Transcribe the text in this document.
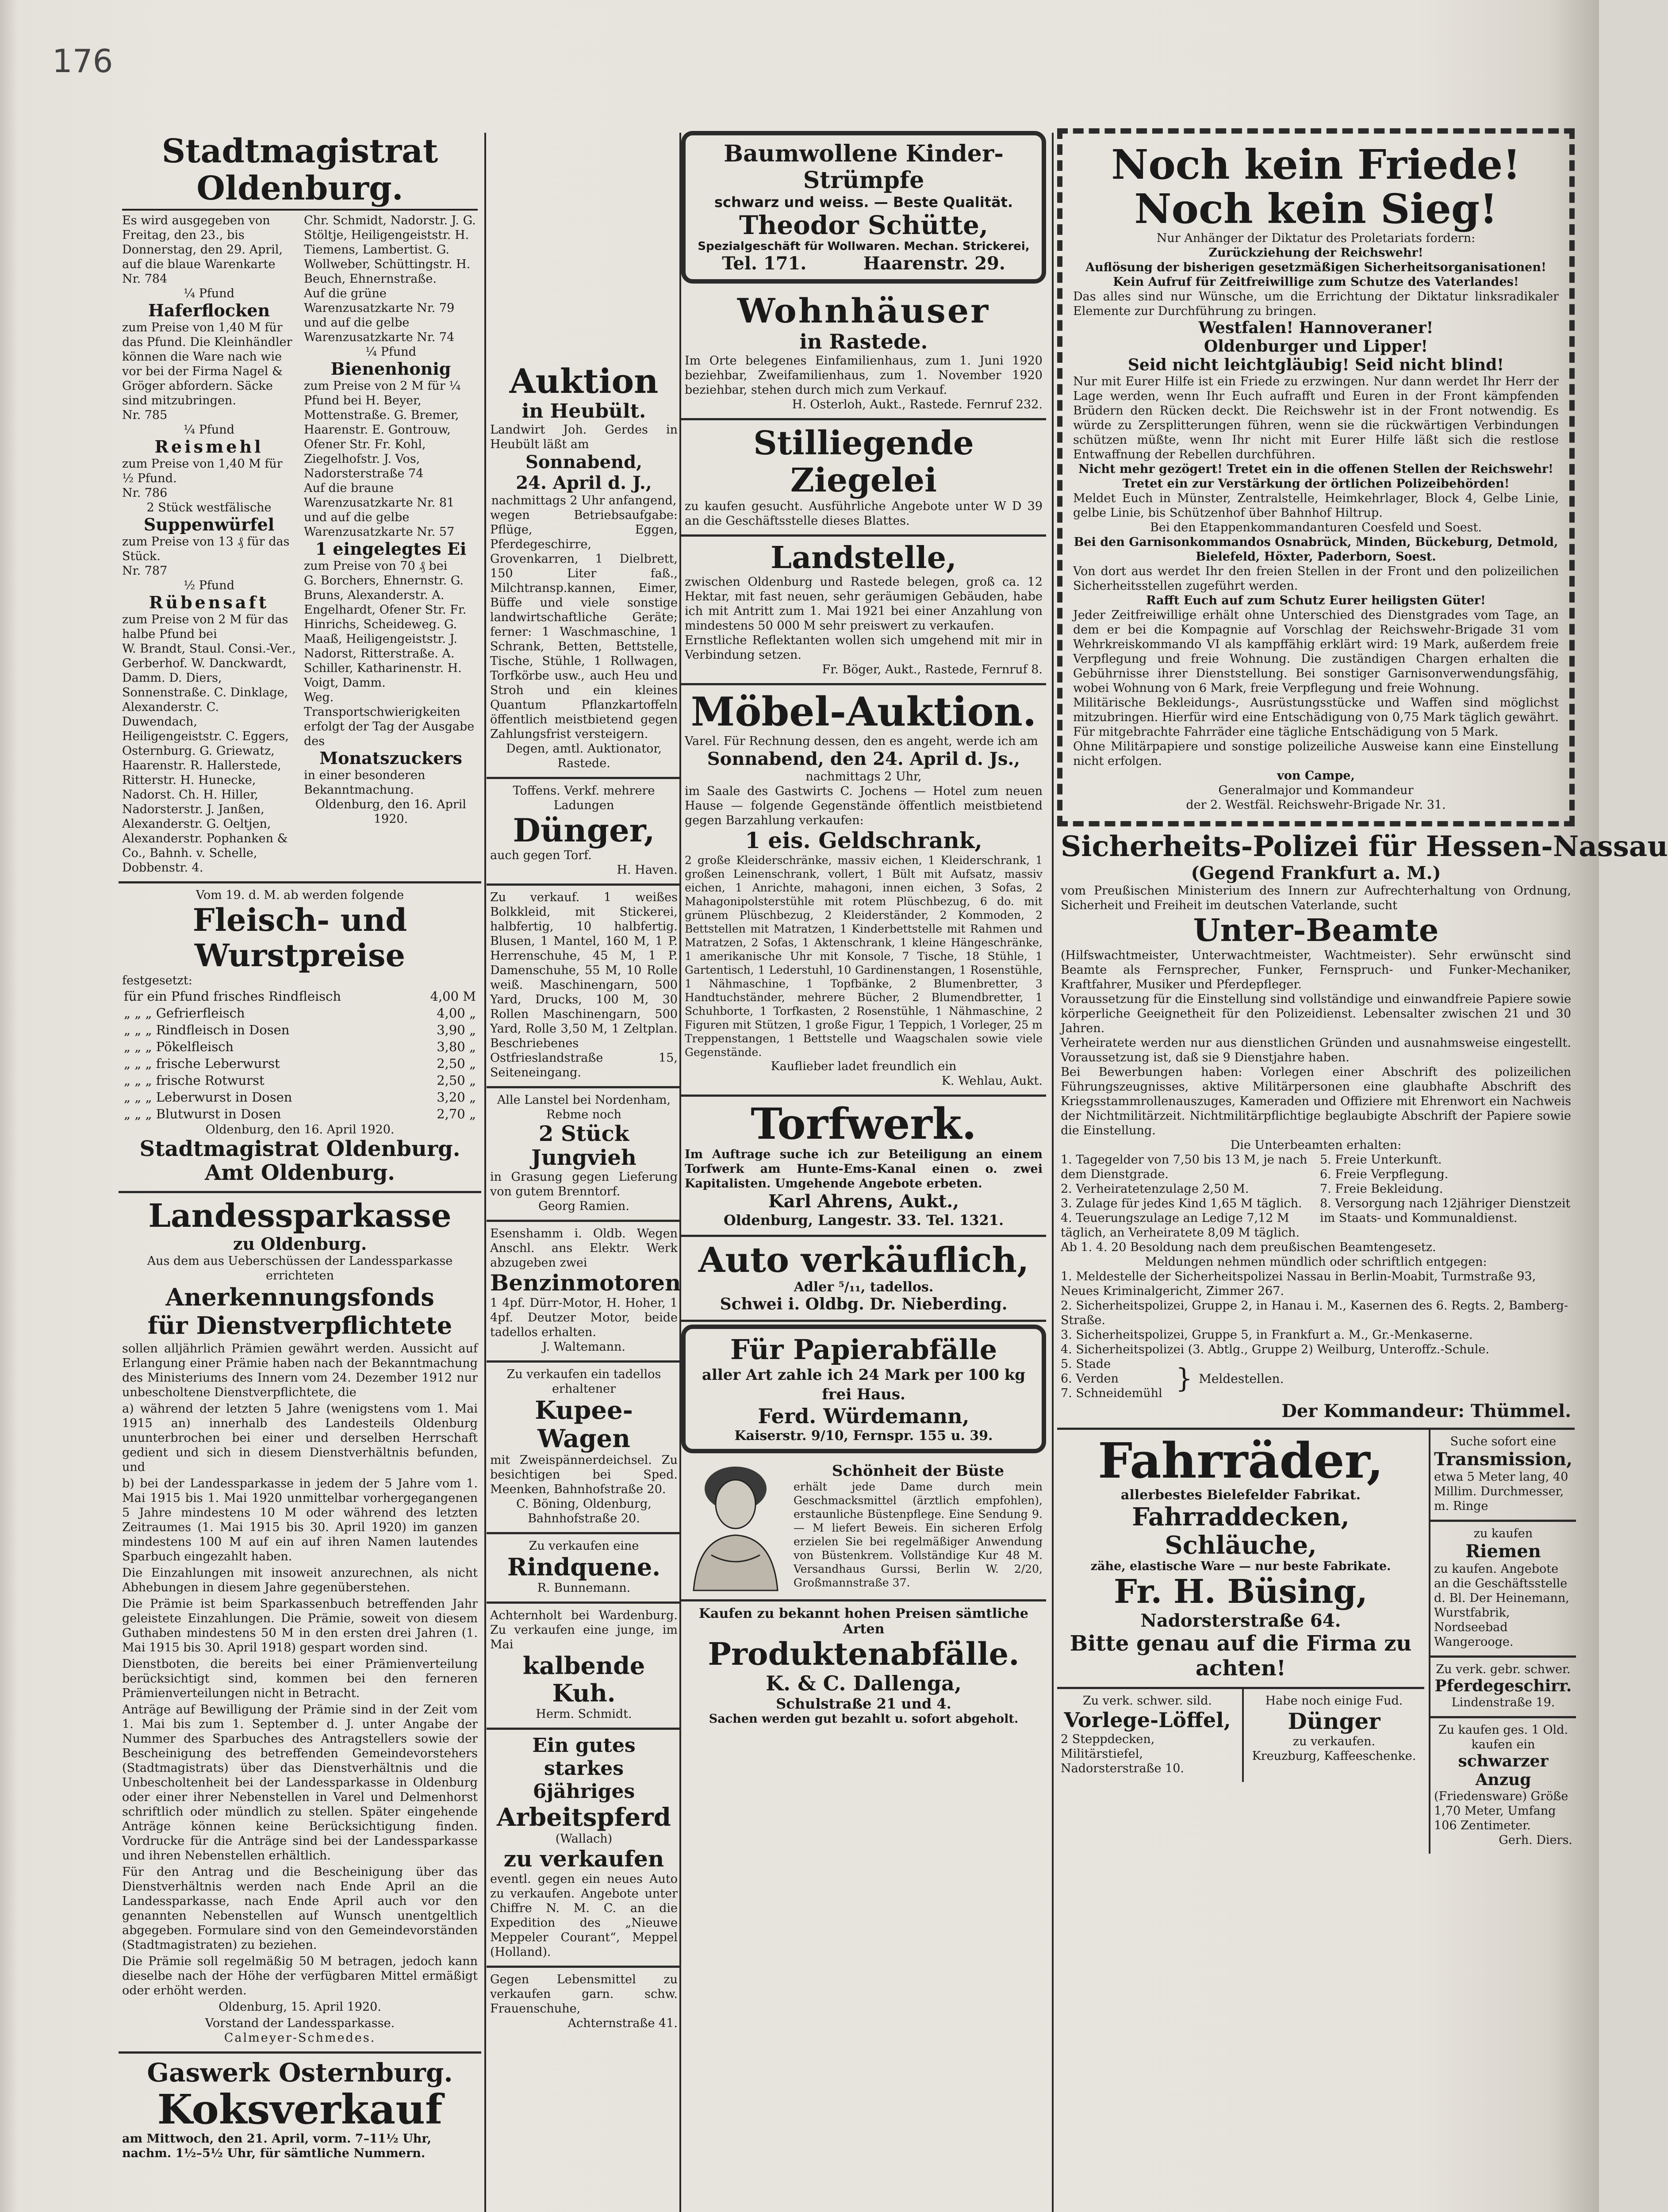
176
Stadtmagistrat Oldenburg.
Es wird ausgegeben von Freitag, den 23., bis Donnerstag, den 29. April, auf die blaue Warenkarte Nr. 784
¼ Pfund
Haferflocken
zum Preise von 1,40 M für das Pfund. Die Kleinhändler können die Ware nach wie vor bei der Firma Nagel & Gröger abfordern. Säcke sind mitzubringen.
Nr. 785
¼ Pfund
Reismehl
zum Preise von 1,40 M für ½ Pfund.
Nr. 786
2 Stück westfälische
Suppenwürfel
zum Preise von 13 ₰ für das Stück.
Nr. 787
½ Pfund
Rübensaft
zum Preise von 2 M für das halbe Pfund bei
W. Brandt, Staul. Consi.-Ver., Gerberhof. W. Danckwardt, Damm. D. Diers, Sonnenstraße. C. Dinklage, Alexanderstr. C. Duwendach, Heiligengeiststr. C. Eggers, Osternburg. G. Griewatz, Haarenstr. R. Hallerstede, Ritterstr. H. Hunecke, Nadorst. Ch. H. Hiller, Nadorsterstr. J. Janßen, Alexanderstr. G. Oeltjen, Alexanderstr. Pophanken & Co., Bahnh. v. Schelle, Dobbenstr. 4.
Chr. Schmidt, Nadorstr. J. G. Stöltje, Heiligengeiststr. H. Tiemens, Lambertist. G. Wollweber, Schüttingstr. H. Beuch, Ehnernstraße.
Auf die grüne Warenzusatzkarte Nr. 79 und auf die gelbe Warenzusatzkarte Nr. 74
¼ Pfund
Bienenhonig
zum Preise von 2 M für ¼ Pfund bei H. Beyer, Mottenstraße. G. Bremer, Haarenstr. E. Gontrouw, Ofener Str. Fr. Kohl, Ziegelhofstr. J. Vos, Nadorsterstraße 74
Auf die braune Warenzusatzkarte Nr. 81 und auf die gelbe Warenzusatzkarte Nr. 57
1 eingelegtes Ei
zum Preise von 70 ₰ bei
G. Borchers, Ehnernstr. G. Bruns, Alexanderstr. A. Engelhardt, Ofener Str. Fr. Hinrichs, Scheideweg. G. Maaß, Heiligengeiststr. J. Nadorst, Ritterstraße. A. Schiller, Katharinenstr. H. Voigt, Damm.
Weg. Transportschwierigkeiten erfolgt der Tag der Ausgabe des
Monatszuckers
in einer besonderen Bekanntmachung.
Oldenburg, den 16. April 1920.
Vom 19. d. M. ab werden folgende
Fleisch- und Wurstpreise
festgesetzt:
für ein Pfund frisches Rindfleisch	4,00 M
„ „ „ Gefrierfleisch	4,00 „
„ „ „ Rindfleisch in Dosen	3,90 „
„ „ „ Pökelfleisch	3,80 „
„ „ „ frische Leberwurst	2,50 „
„ „ „ frische Rotwurst	2,50 „
„ „ „ Leberwurst in Dosen	3,20 „
„ „ „ Blutwurst in Dosen	2,70 „
Oldenburg, den 16. April 1920.
Stadtmagistrat Oldenburg.
Amt Oldenburg.
Landessparkasse
zu Oldenburg.
Aus dem aus Ueberschüssen der Landessparkasse errichteten
Anerkennungsfonds
für Dienstverpflichtete

sollen alljährlich Prämien gewährt werden. Aussicht auf Erlangung einer Prämie haben nach der Bekanntmachung des Ministeriums des Innern vom 24. Dezember 1912 nur unbescholtene Dienstverpflichtete, die

a) während der letzten 5 Jahre (wenigstens vom 1. Mai 1915 an) innerhalb des Landesteils Oldenburg ununterbrochen bei einer und derselben Herrschaft gedient und sich in diesem Dienstverhältnis befunden, und

b) bei der Landessparkasse in jedem der 5 Jahre vom 1. Mai 1915 bis 1. Mai 1920 unmittelbar vorhergegangenen 5 Jahre mindestens 10 M oder während des letzten Zeitraumes (1. Mai 1915 bis 30. April 1920) im ganzen mindestens 100 M auf ein auf ihren Namen lautendes Sparbuch eingezahlt haben.

Die Einzahlungen mit insoweit anzurechnen, als nicht Abhebungen in diesem Jahre gegenüberstehen.

Die Prämie ist beim Sparkassenbuch betreffenden Jahr geleistete Einzahlungen. Die Prämie, soweit von diesem Guthaben mindestens 50 M in den ersten drei Jahren (1. Mai 1915 bis 30. April 1918) gespart worden sind.

Dienstboten, die bereits bei einer Prämienverteilung berücksichtigt sind, kommen bei den ferneren Prämienverteilungen nicht in Betracht.

Anträge auf Bewilligung der Prämie sind in der Zeit vom 1. Mai bis zum 1. September d. J. unter Angabe der Nummer des Sparbuches des Antragstellers sowie der Bescheinigung des betreffenden Gemeindevorstehers (Stadtmagistrats) über das Dienstverhältnis und die Unbescholtenheit bei der Landessparkasse in Oldenburg oder einer ihrer Nebenstellen in Varel und Delmenhorst schriftlich oder mündlich zu stellen. Später eingehende Anträge können keine Berücksichtigung finden. Vordrucke für die Anträge sind bei der Landessparkasse und ihren Nebenstellen erhältlich.

Für den Antrag und die Bescheinigung über das Dienstverhältnis werden nach Ende April an die Landessparkasse, nach Ende April auch vor den genannten Nebenstellen auf Wunsch unentgeltlich abgegeben. Formulare sind von den Gemeindevorständen (Stadtmagistraten) zu beziehen.

Die Prämie soll regelmäßig 50 M betragen, jedoch kann dieselbe nach der Höhe der verfügbaren Mittel ermäßigt oder erhöht werden.

Oldenburg, 15. April 1920.

Vorstand der Landessparkasse.
Calmeyer-Schmedes.
Gaswerk Osternburg.
Koksverkauf
am Mittwoch, den 21. April, vorm. 7–11½ Uhr, nachm. 1½–5½ Uhr, für sämtliche Nummern.
Auktion
in Heubült.
Landwirt Joh. Gerdes in Heubült läßt am
Sonnabend,
24. April d. J.,
nachmittags 2 Uhr anfangend,
wegen Betriebsaufgabe: Pflüge, Eggen, Pferdegeschirre, Grovenkarren, 1 Dielbrett, 150 Liter faß., Milchtransp.kannen, Eimer, Büffe und viele sonstige landwirtschaftliche Geräte; ferner: 1 Waschmaschine, 1 Schrank, Betten, Bettstelle, Tische, Stühle, 1 Rollwagen, Torfkörbe usw., auch Heu und Stroh und ein kleines Quantum Pflanzkartoffeln öffentlich meistbietend gegen Zahlungsfrist versteigern.
Degen, amtl. Auktionator, Rastede.
Toffens. Verkf. mehrere Ladungen
Dünger,
auch gegen Torf.
H. Haven.
Zu verkauf. 1 weißes Bolkkleid, mit Stickerei, halbfertig, 10 halbfertig. Blusen, 1 Mantel, 160 M, 1 P. Herrenschuhe, 45 M, 1 P. Damenschuhe, 55 M, 10 Rolle weiß. Maschinengarn, 500 Yard, Drucks, 100 M, 30 Rollen Maschinengarn, 500 Yard, Rolle 3,50 M, 1 Zeltplan. Beschriebenes Ostfrieslandstraße 15, Seiteneingang.
Alle Lanstel bei Nordenham, Rebme noch
2 Stück Jungvieh
in Grasung gegen Lieferung von gutem Brenntorf.
Georg Ramien.
Esenshamm i. Oldb. Wegen Anschl. ans Elektr. Werk abzugeben zwei
Benzinmotoren
1 4pf. Dürr-Motor, H. Hoher, 1 4pf. Deutzer Motor, beide tadellos erhalten.
J. Waltemann.
Zu verkaufen ein tadellos erhaltener
Kupee-Wagen
mit Zweispännerdeichsel. Zu besichtigen bei Sped. Meenken, Bahnhofstraße 20.
C. Böning, Oldenburg, Bahnhofstraße 20.
Zu verkaufen eine
Rindquene.
R. Bunnemann.
Achternholt bei Wardenburg. Zu verkaufen eine junge, im Mai
kalbende Kuh.
Herm. Schmidt.
Ein gutes starkes
6jähriges
Arbeitspferd
(Wallach)
zu verkaufen
eventl. gegen ein neues Auto zu verkaufen. Angebote unter Chiffre N. M. C. an die Expedition des „Nieuwe Meppeler Courant“, Meppel (Holland).
Gegen Lebensmittel zu verkaufen garn. schw. Frauenschuhe,
Achternstraße 41.
Baumwollene Kinder-Strümpfe
schwarz und weiss. — Beste Qualität.
Theodor Schütte,
Spezialgeschäft für Wollwaren. Mechan. Strickerei,
Tel. 171.	Haarenstr. 29.
Wohnhäuser
in Rastede.
Im Orte belegenes Einfamilienhaus, zum 1. Juni 1920 beziehbar, Zweifamilienhaus, zum 1. November 1920 beziehbar, stehen durch mich zum Verkauf.
H. Osterloh, Aukt., Rastede. Fernruf 232.
Stilliegende Ziegelei
zu kaufen gesucht. Ausführliche Angebote unter W D 39 an die Geschäftsstelle dieses Blattes.
Landstelle,
zwischen Oldenburg und Rastede belegen, groß ca. 12 Hektar, mit fast neuen, sehr geräumigen Gebäuden, habe ich mit Antritt zum 1. Mai 1921 bei einer Anzahlung von mindestens 50 000 M sehr preiswert zu verkaufen.
Ernstliche Reflektanten wollen sich umgehend mit mir in Verbindung setzen.
Fr. Böger, Aukt., Rastede, Fernruf 8.
Möbel-Auktion.
Varel. Für Rechnung dessen, den es angeht, werde ich am
Sonnabend, den 24. April d. Js.,
nachmittags 2 Uhr,
im Saale des Gastwirts C. Jochens — Hotel zum neuen Hause — folgende Gegenstände öffentlich meistbietend gegen Barzahlung verkaufen:
1 eis. Geldschrank,
2 große Kleiderschränke, massiv eichen, 1 Kleiderschrank, 1 großen Leinenschrank, vollert, 1 Bült mit Aufsatz, massiv eichen, 1 Anrichte, mahagoni, innen eichen, 3 Sofas, 2 Mahagonipolsterstühle mit rotem Plüschbezug, 6 do. mit grünem Plüschbezug, 2 Kleiderständer, 2 Kommoden, 2 Bettstellen mit Matratzen, 1 Kinderbettstelle mit Rahmen und Matratzen, 2 Sofas, 1 Aktenschrank, 1 kleine Hängeschränke, 1 amerikanische Uhr mit Konsole, 7 Tische, 18 Stühle, 1 Gartentisch, 1 Lederstuhl, 10 Gardinenstangen, 1 Rosenstühle, 1 Nähmaschine, 1 Topfbänke, 2 Blumenbretter, 3 Handtuchständer, mehrere Bücher, 2 Blumendbretter, 1 Schuhborte, 1 Torfkasten, 2 Rosenstühle, 1 Nähmaschine, 2 Figuren mit Stützen, 1 große Figur, 1 Teppich, 1 Vorleger, 25 m Treppenstangen, 1 Bettstelle und Waagschalen sowie viele Gegenstände.
Kauflieber ladet freundlich ein
K. Wehlau, Aukt.
Torfwerk.
Im Auftrage suche ich zur Beteiligung an einem Torfwerk am Hunte-Ems-Kanal einen o. zwei Kapitalisten. Umgehende Angebote erbeten.
Karl Ahrens, Aukt.,
Oldenburg, Langestr. 33. Tel. 1321.
Auto verkäuflich,
Adler ⁵/₁₁, tadellos.
Schwei i. Oldbg. Dr. Nieberding.
Für Papierabfälle
aller Art zahle ich 24 Mark per 100 kg frei Haus.
Ferd. Würdemann,
Kaiserstr. 9/10, Fernspr. 155 u. 39.
Schönheit der Büste
erhält jede Dame durch mein Geschmacksmittel (ärztlich empfohlen), erstaunliche Büstenpflege. Eine Sendung 9.— M liefert Beweis. Ein sicheren Erfolg erzielen Sie bei regelmäßiger Anwendung von Büstenkrem. Vollständige Kur 48 M. Versandhaus Gurssi, Berlin W. 2/20, Großmannstraße 37.
Kaufen zu bekannt hohen Preisen sämtliche Arten
Produktenabfälle.
K. & C. Dallenga,
Schulstraße 21 und 4.
Sachen werden gut bezahlt u. sofort abgeholt.
Noch kein Friede!
Noch kein Sieg!
Nur Anhänger der Diktatur des Proletariats fordern:
Zurückziehung der Reichswehr!
Auflösung der bisherigen gesetzmäßigen Sicherheitsorganisationen!
Kein Aufruf für Zeitfreiwillige zum Schutze des Vaterlandes!
Das alles sind nur Wünsche, um die Errichtung der Diktatur linksradikaler Elemente zur Durchführung zu bringen.
Westfalen! Hannoveraner!
Oldenburger und Lipper!
Seid nicht leichtgläubig! Seid nicht blind!
Nur mit Eurer Hilfe ist ein Friede zu erzwingen. Nur dann werdet Ihr Herr der Lage werden, wenn Ihr Euch aufrafft und Euren in der Front kämpfenden Brüdern den Rücken deckt. Die Reichswehr ist in der Front notwendig. Es würde zu Zersplitterungen führen, wenn sie die rückwärtigen Verbindungen schützen müßte, wenn Ihr nicht mit Eurer Hilfe läßt sich die restlose Entwaffnung der Rebellen durchführen.
Nicht mehr gezögert! Tretet ein in die offenen Stellen der Reichswehr! Tretet ein zur Verstärkung der örtlichen Polizeibehörden!
Meldet Euch in Münster, Zentralstelle, Heimkehrlager, Block 4, Gelbe Linie, gelbe Linie, bis Schützenhof über Bahnhof Hiltrup.
Bei den Etappenkommandanturen Coesfeld und Soest.
Bei den Garnisonkommandos Osnabrück, Minden, Bückeburg, Detmold, Bielefeld, Höxter, Paderborn, Soest.
Von dort aus werdet Ihr den freien Stellen in der Front und den polizeilichen Sicherheitsstellen zugeführt werden.
Rafft Euch auf zum Schutz Eurer heiligsten Güter!
Jeder Zeitfreiwillige erhält ohne Unterschied des Dienstgrades vom Tage, an dem er bei die Kompagnie auf Vorschlag der Reichswehr-Brigade 31 vom Wehrkreiskommando VI als kampffähig erklärt wird: 19 Mark, außerdem freie Verpflegung und freie Wohnung. Die zuständigen Chargen erhalten die Gebührnisse ihrer Dienststellung. Bei sonstiger Garnisonverwendungsfähig, wobei Wohnung von 6 Mark, freie Verpflegung und freie Wohnung.
Militärische Bekleidungs-, Ausrüstungsstücke und Waffen sind möglichst mitzubringen. Hierfür wird eine Entschädigung von 0,75 Mark täglich gewährt. Für mitgebrachte Fahrräder eine tägliche Entschädigung von 5 Mark.
Ohne Militärpapiere und sonstige polizeiliche Ausweise kann eine Einstellung nicht erfolgen.
von Campe,
Generalmajor und Kommandeur
der 2. Westfäl. Reichswehr-Brigade Nr. 31.
Sicherheits-Polizei für Hessen-Nassau
(Gegend Frankfurt a. M.)
vom Preußischen Ministerium des Innern zur Aufrechterhaltung von Ordnung, Sicherheit und Freiheit im deutschen Vaterlande, sucht
Unter-Beamte
(Hilfswachtmeister, Unterwachtmeister, Wachtmeister). Sehr erwünscht sind Beamte als Fernsprecher, Funker, Fernspruch- und Funker-Mechaniker, Kraftfahrer, Musiker und Pferdepfleger.
Voraussetzung für die Einstellung sind vollständige und einwandfreie Papiere sowie körperliche Geeignetheit für den Polizeidienst. Lebensalter zwischen 21 und 30 Jahren.
Verheiratete werden nur aus dienstlichen Gründen und ausnahmsweise eingestellt. Voraussetzung ist, daß sie 9 Dienstjahre haben.
Bei Bewerbungen haben: Vorlegen einer Abschrift des polizeilichen Führungszeugnisses, aktive Militärpersonen eine glaubhafte Abschrift des Kriegsstammrollenauszuges, Kameraden und Offiziere mit Ehrenwort ein Nachweis der Nichtmilitärzeit. Nichtmilitärpflichtige beglaubigte Abschrift der Papiere sowie die Einstellung.
Die Unterbeamten erhalten:
1. Tagegelder von 7,50 bis 13 M, je nach dem Dienstgrade.
2. Verheiratetenzulage 2,50 M.
3. Zulage für jedes Kind 1,65 M täglich.
4. Teuerungszulage an Ledige 7,12 M täglich, an Verheiratete 8,09 M täglich.
5. Freie Unterkunft.
6. Freie Verpflegung.
7. Freie Bekleidung.
8. Versorgung nach 12jähriger Dienstzeit im Staats- und Kommunaldienst.
Ab 1. 4. 20 Besoldung nach dem preußischen Beamtengesetz.
Meldungen nehmen mündlich oder schriftlich entgegen:
1. Meldestelle der Sicherheitspolizei Nassau in Berlin-Moabit, Turmstraße 93, Neues Kriminalgericht, Zimmer 267.
2. Sicherheitspolizei, Gruppe 2, in Hanau i. M., Kasernen des 6. Regts. 2, Bamberg-Straße.
3. Sicherheitspolizei, Gruppe 5, in Frankfurt a. M., Gr.-Menkaserne.
4. Sicherheitspolizei (3. Abtlg., Gruppe 2) Weilburg, Unteroffz.-Schule.
5. Stade
6. Verden
7. Schneidemühl } Meldestellen.
Der Kommandeur: Thümmel.
Fahrräder,
allerbestes Bielefelder Fabrikat.
Fahrraddecken,
Schläuche,
zähe, elastische Ware — nur beste Fabrikate.
Fr. H. Büsing,
Nadorsterstraße 64.
Bitte genau auf die Firma zu achten!
Zu verk. schwer. sild.
Vorlege-Löffel,
2 Steppdecken, Militärstiefel, Nadorsterstraße 10.
Habe noch einige Fud.
Dünger
zu verkaufen.
Kreuzburg, Kaffeeschenke.
Suche sofort eine
Transmission,
etwa 5 Meter lang, 40 Millim. Durchmesser, m. Ringe
zu kaufen
Riemen
zu kaufen. Angebote an die Geschäftsstelle d. Bl. Der Heinemann, Wurstfabrik, Nordseebad Wangerooge.
Zu verk. gebr. schwer.
Pferdegeschirr.
Lindenstraße 19.
Zu kaufen ges. 1 Old. kaufen ein
schwarzer Anzug
(Friedensware) Größe 1,70 Meter, Umfang 106 Zentimeter.
Gerh. Diers.
